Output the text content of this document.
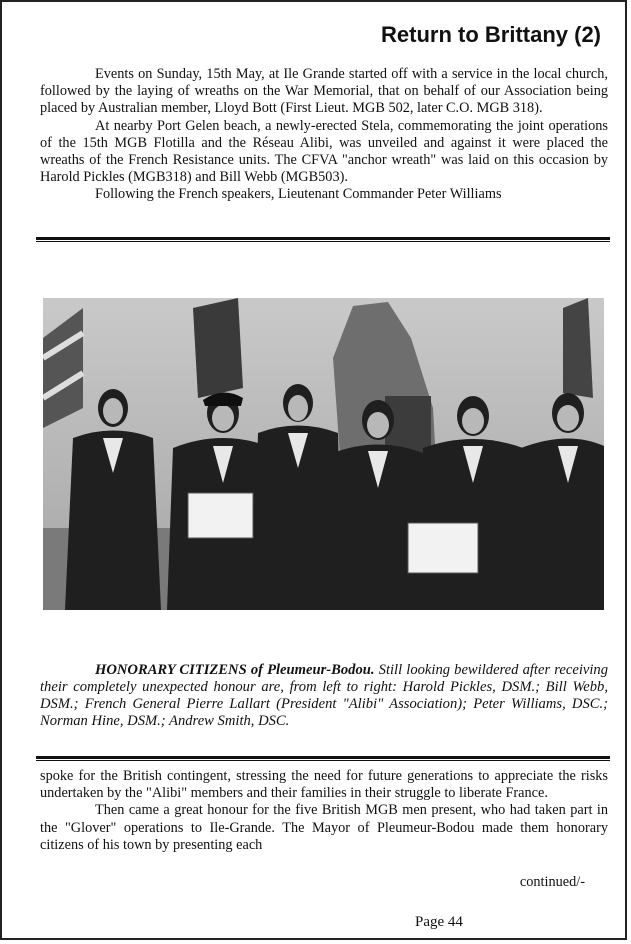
Return to Brittany (2)

Events on Sunday, 15th May, at Ile Grande started off with a service in the local church, followed by the laying of wreaths on the War Memorial, that on behalf of our Association being placed by Australian member, Lloyd Bott (First Lieut. MGB 502, later C.O. MGB 318).

At nearby Port Gelen beach, a newly-erected Stela, commemorating the joint operations of the 15th MGB Flotilla and the Réseau Alibi, was unveiled and against it were placed the wreaths of the French Resistance units. The CFVA "anchor wreath" was laid on this occasion by Harold Pickles (MGB318) and Bill Webb (MGB503).

Following the French speakers, Lieutenant Commander Peter Williams

HONORARY CITIZENS of Pleumeur-Bodou. Still looking bewildered after receiving their completely unexpected honour are, from left to right: Harold Pickles, DSM.; Bill Webb, DSM.; French General Pierre Lallart (President "Alibi" Association); Peter Williams, DSC.; Norman Hine, DSM.; Andrew Smith, DSC.

spoke for the British contingent, stressing the need for future generations to appreciate the risks undertaken by the "Alibi" members and their families in their struggle to liberate France.

Then came a great honour for the five British MGB men present, who had taken part in the "Glover" operations to Ile-Grande. The Mayor of Pleumeur-Bodou made them honorary citizens of his town by presenting each

continued/-
Page 44
